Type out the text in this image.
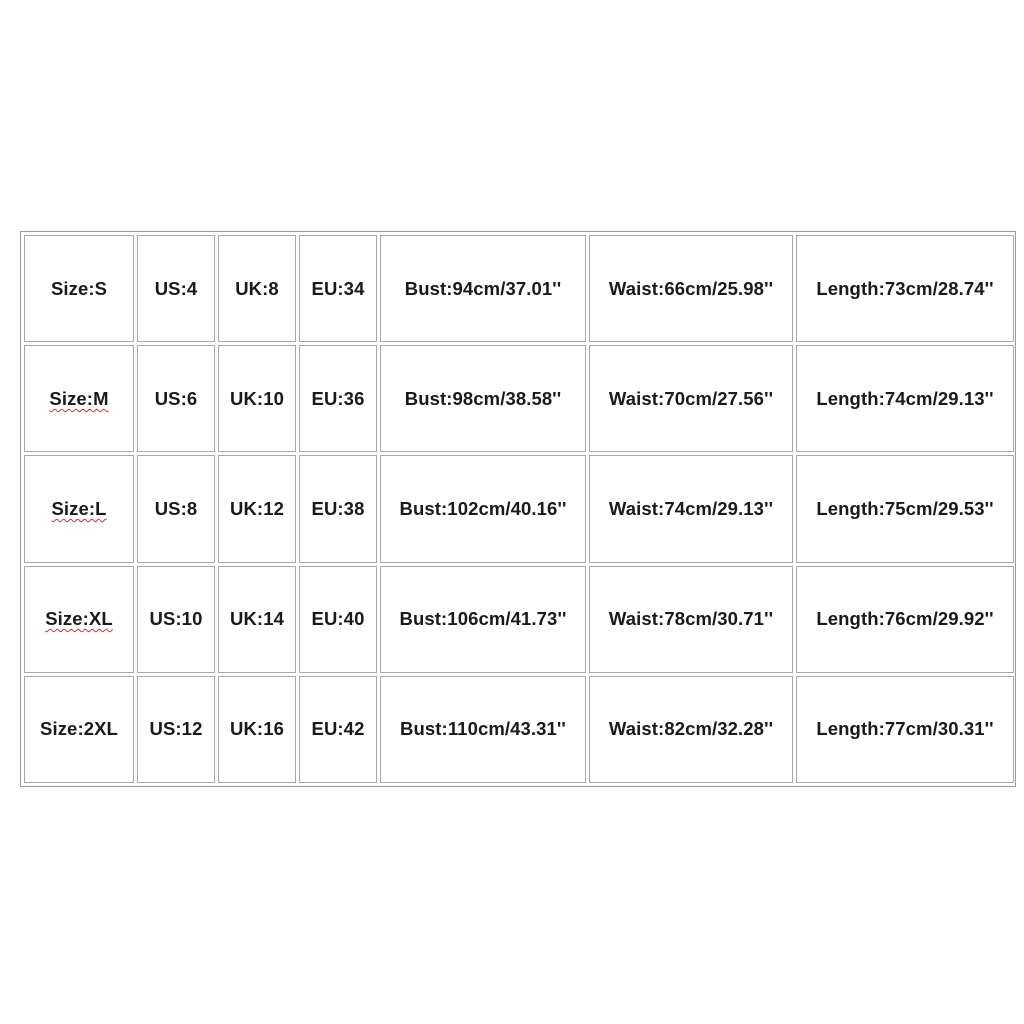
Size:S	US:4	UK:8	EU:34	Bust:94cm/37.01''	Waist:66cm/25.98''	Length:73cm/28.74''
Size:M	US:6	UK:10	EU:36	Bust:98cm/38.58''	Waist:70cm/27.56''	Length:74cm/29.13''
Size:L	US:8	UK:12	EU:38	Bust:102cm/40.16''	Waist:74cm/29.13''	Length:75cm/29.53''
Size:XL	US:10	UK:14	EU:40	Bust:106cm/41.73''	Waist:78cm/30.71''	Length:76cm/29.92''
Size:2XL	US:12	UK:16	EU:42	Bust:110cm/43.31''	Waist:82cm/32.28''	Length:77cm/30.31''
